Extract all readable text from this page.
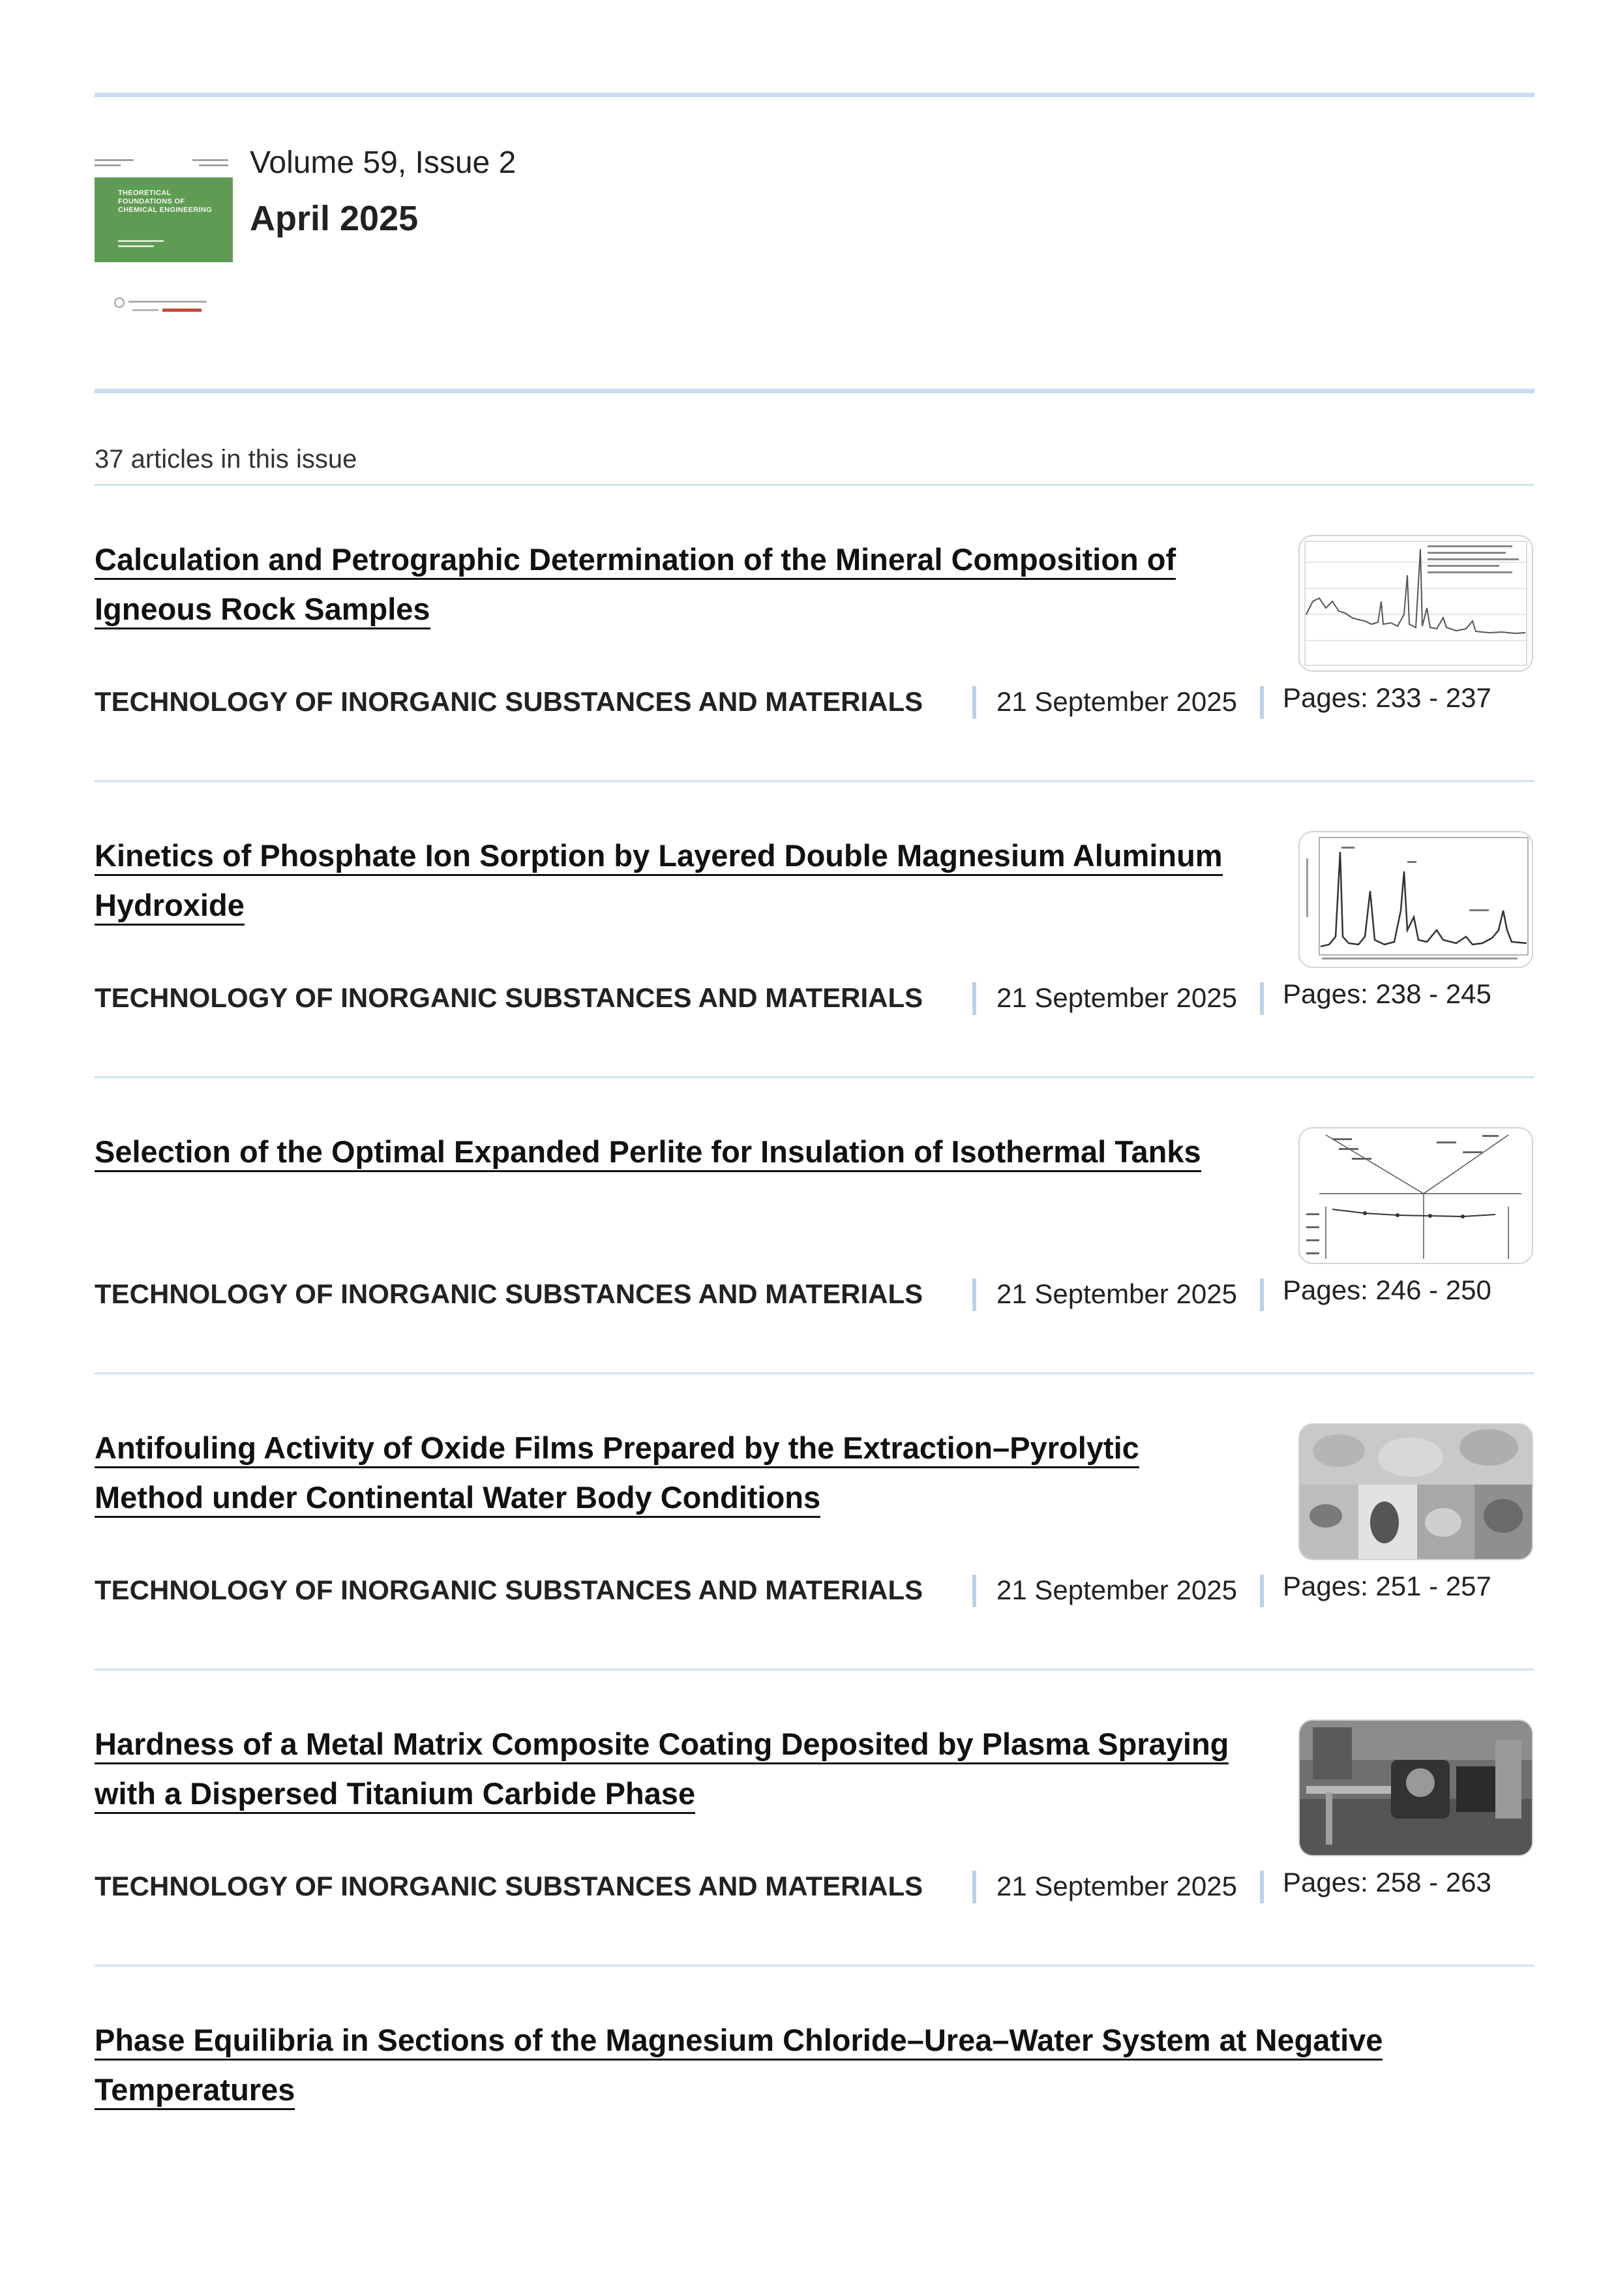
THEORETICAL FOUNDATIONS OF CHEMICAL ENGINEERING
Volume 59, Issue 2
April 2025
37 articles in this issue
Calculation and Petrographic Determination of the Mineral Composition of Igneous Rock Samples
TECHNOLOGY OF INORGANIC SUBSTANCES AND MATERIALS	21 September 2025 Pages: 233 - 237
Kinetics of Phosphate Ion Sorption by Layered Double Magnesium Aluminum Hydroxide
TECHNOLOGY OF INORGANIC SUBSTANCES AND MATERIALS	21 September 2025 Pages: 238 - 245
Selection of the Optimal Expanded Perlite for Insulation of Isothermal Tanks
TECHNOLOGY OF INORGANIC SUBSTANCES AND MATERIALS	21 September 2025 Pages: 246 - 250
Antifouling Activity of Oxide Films Prepared by the Extraction–Pyrolytic Method under Continental Water Body Conditions
TECHNOLOGY OF INORGANIC SUBSTANCES AND MATERIALS	21 September 2025 Pages: 251 - 257
Hardness of a Metal Matrix Composite Coating Deposited by Plasma Spraying with a Dispersed Titanium Carbide Phase
TECHNOLOGY OF INORGANIC SUBSTANCES AND MATERIALS	21 September 2025 Pages: 258 - 263
Phase Equilibria in Sections of the Magnesium Chloride–Urea–Water System at Negative Temperatures
